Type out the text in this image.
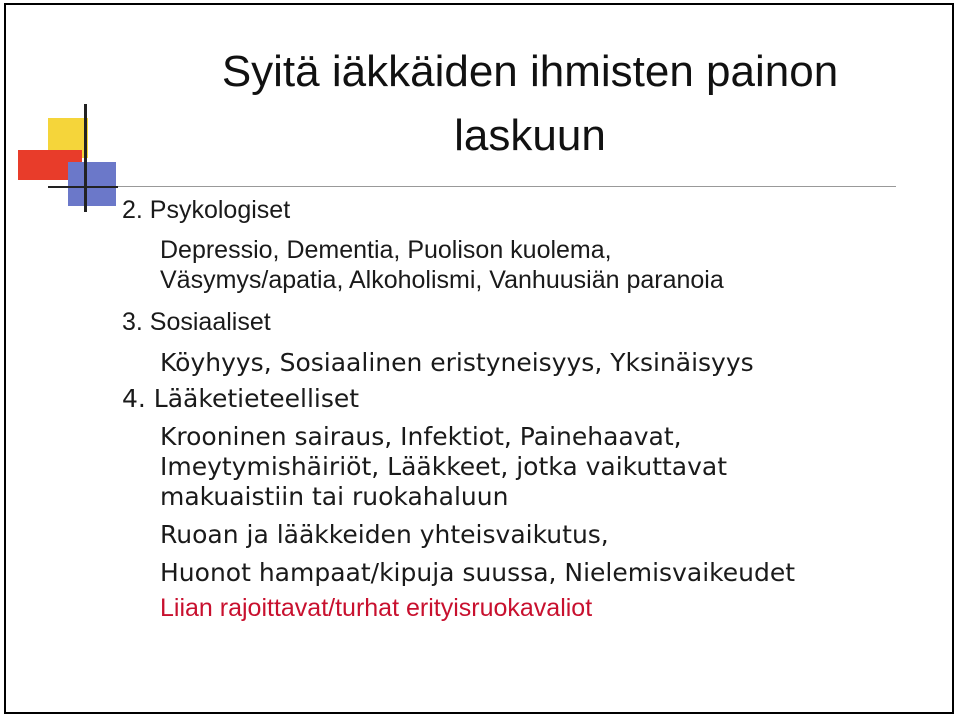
Syitä iäkkäiden ihmisten painon
laskuun
2. Psykologiset
Depressio, Dementia, Puolison kuolema,
Väsymys/apatia, Alkoholismi, Vanhuusiän paranoia
3. Sosiaaliset
Köyhyys, Sosiaalinen eristyneisyys, Yksinäisyys
4. Lääketieteelliset
Krooninen sairaus, Infektiot, Painehaavat,
Imeytymishäiriöt, Lääkkeet, jotka vaikuttavat
makuaistiin tai ruokahaluun
Ruoan ja lääkkeiden yhteisvaikutus,
Huonot hampaat/kipuja suussa, Nielemisvaikeudet
Liian rajoittavat/turhat erityisruokavaliot
